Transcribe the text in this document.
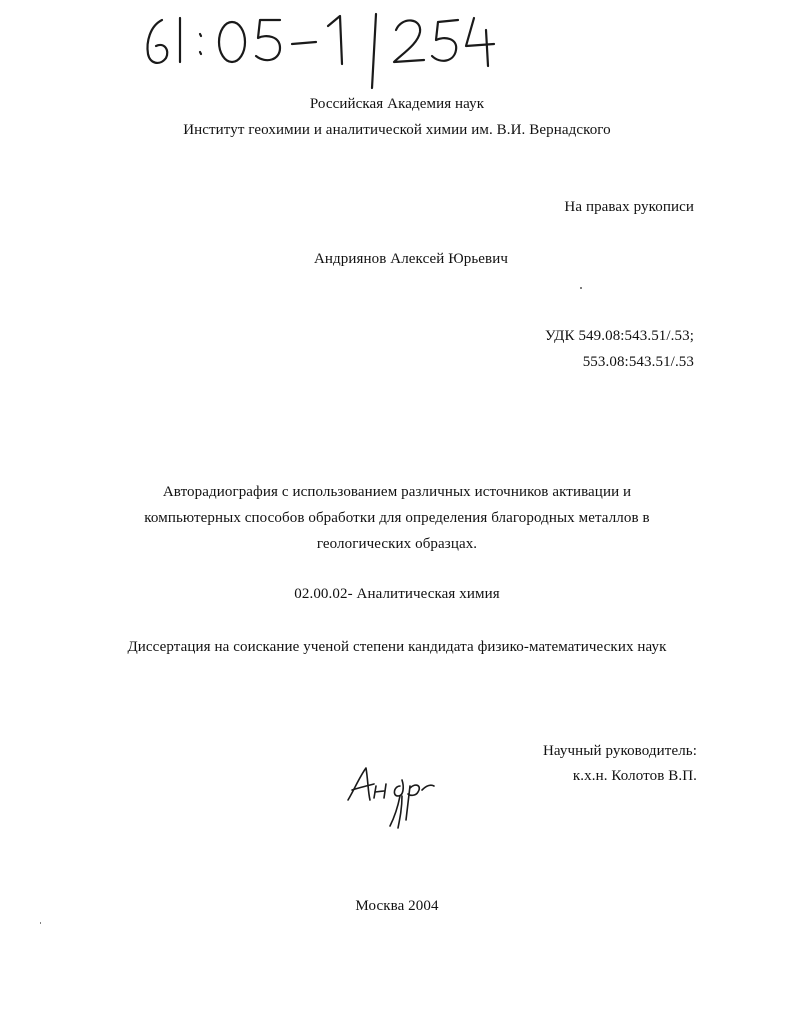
Российская Академия наук
Институт геохимии и аналитической химии им. В.И. Вернадского
На правах рукописи
Андриянов Алексей Юрьевич
УДК 549.08:543.51/.53;
553.08:543.51/.53
Авторадиография с использованием различных источников активации и
компьютерных способов обработки для определения благородных металлов в
геологических образцах.
02.00.02- Аналитическая химия
Диссертация на соискание ученой степени кандидата физико-математических наук
Научный руководитель:
к.х.н. Колотов В.П.
Москва 2004
